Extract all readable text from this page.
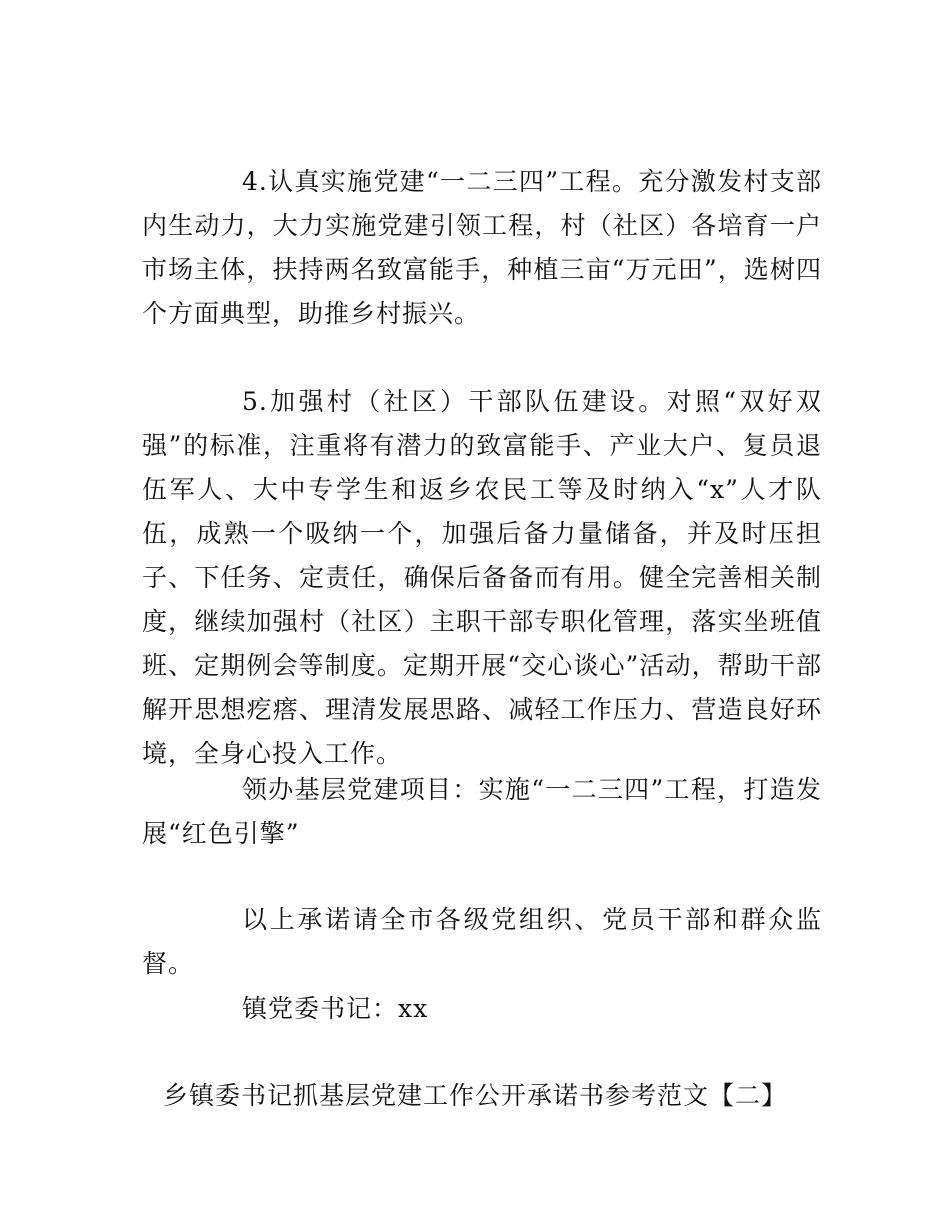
4.认真实施党建“一二三四”工程。充分激发村支部内生动力，大力实施党建引领工程，村（社区）各培育一户市场主体，扶持两名致富能手，种植三亩“万元田”，选树四个方面典型，助推乡村振兴。

5.加强村（社区）干部队伍建设。对照“双好双强”的标准，注重将有潜力的致富能手、产业大户、复员退伍军人、大中专学生和返乡农民工等及时纳入“x”人才队伍，成熟一个吸纳一个，加强后备力量储备，并及时压担子、下任务、定责任，确保后备备而有用。健全完善相关制度，继续加强村（社区）主职干部专职化管理，落实坐班值班、定期例会等制度。定期开展“交心谈心”活动，帮助干部解开思想疙瘩、理清发展思路、减轻工作压力、营造良好环境，全身心投入工作。

领办基层党建项目：实施“一二三四”工程，打造发展“红色引擎”

以上承诺请全市各级党组织、党员干部和群众监督。

镇党委书记：xx

乡镇委书记抓基层党建工作公开承诺书参考范文【二】
